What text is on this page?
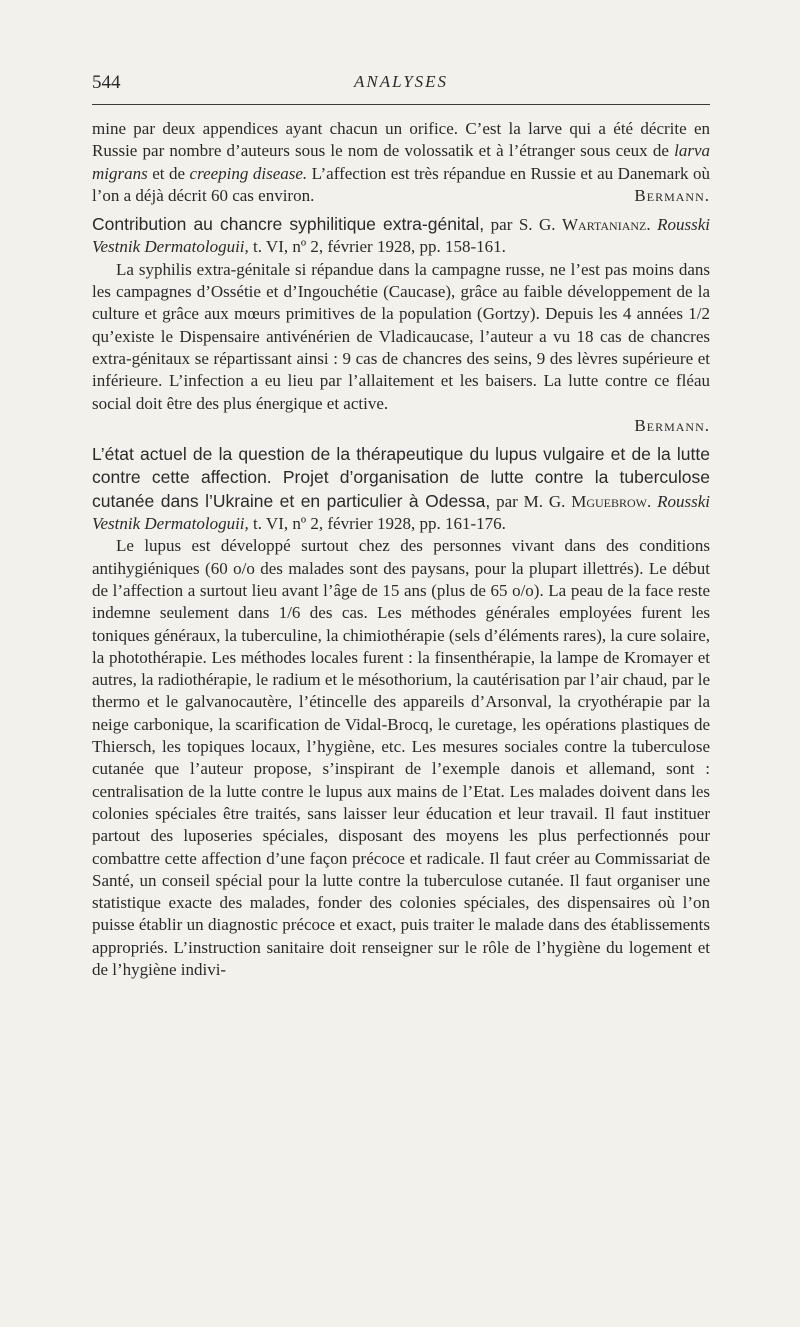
544	ANALYSES

mine par deux appendices ayant chacun un orifice. C’est la larve qui a été décrite en Russie par nombre d’auteurs sous le nom de volossatik et à l’étranger sous ceux de larva migrans et de creeping disease. L’affection est très répandue en Russie et au Danemark où l’on a déjà décrit 60 cas environ.	Bermann.

Contribution au chancre syphilitique extra-génital, par S. G. Wartanianz. Rousski Vestnik Dermatologuii, t. VI, nº 2, février 1928, pp. 158-161.

La syphilis extra-génitale si répandue dans la campagne russe, ne l’est pas moins dans les campagnes d’Ossétie et d’Ingouchétie (Caucase), grâce au faible développement de la culture et grâce aux mœurs primitives de la population (Gortzy). Depuis les 4 années 1/2 qu’existe le Dispensaire antivénérien de Vladicaucase, l’auteur a vu 18 cas de chancres extra-génitaux se répartissant ainsi : 9 cas de chancres des seins, 9 des lèvres supérieure et inférieure. L’infection a eu lieu par l’allaitement et les baisers. La lutte contre ce fléau social doit être des plus énergique et active.

Bermann.

L’état actuel de la question de la thérapeutique du lupus vulgaire et de la lutte contre cette affection. Projet d’organisation de lutte contre la tuberculose cutanée dans l’Ukraine et en particulier à Odessa, par M. G. Mguebrow. Rousski Vestnik Dermatologuii, t. VI, nº 2, février 1928, pp. 161-176.

Le lupus est développé surtout chez des personnes vivant dans des conditions antihygiéniques (60 o/o des malades sont des paysans, pour la plupart illettrés). Le début de l’affection a surtout lieu avant l’âge de 15 ans (plus de 65 o/o). La peau de la face reste indemne seulement dans 1/6 des cas. Les méthodes générales employées furent les toniques généraux, la tuberculine, la chimiothérapie (sels d’éléments rares), la cure solaire, la photothérapie. Les méthodes locales furent : la finsenthérapie, la lampe de Kromayer et autres, la radiothérapie, le radium et le mésothorium, la cautérisation par l’air chaud, par le thermo et le galvanocautère, l’étincelle des appareils d’Arsonval, la cryothérapie par la neige carbonique, la scarification de Vidal-Brocq, le curetage, les opérations plastiques de Thiersch, les topiques locaux, l’hygiène, etc. Les mesures sociales contre la tuberculose cutanée que l’auteur propose, s’inspirant de l’exemple danois et allemand, sont : centralisation de la lutte contre le lupus aux mains de l’Etat. Les malades doivent dans les colonies spéciales être traités, sans laisser leur éducation et leur travail. Il faut instituer partout des luposeries spéciales, disposant des moyens les plus perfectionnés pour combattre cette affection d’une façon précoce et radicale. Il faut créer au Commissariat de Santé, un conseil spécial pour la lutte contre la tuberculose cutanée. Il faut organiser une statistique exacte des malades, fonder des colonies spéciales, des dispensaires où l’on puisse établir un diagnostic précoce et exact, puis traiter le malade dans des établissements appropriés. L’instruction sanitaire doit renseigner sur le rôle de l’hygiène du logement et de l’hygiène indivi-
